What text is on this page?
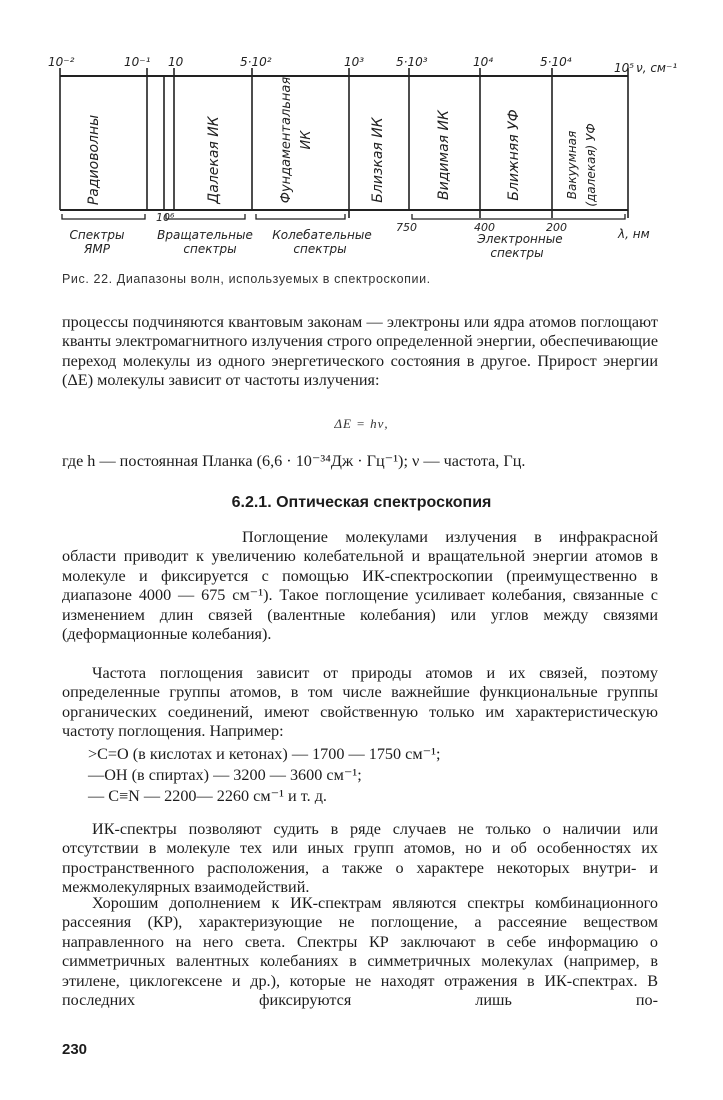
10⁻²	10⁻¹ 10	5·10²	10³	5·10³	10⁴	5·10⁴	10⁵ ν, см⁻¹
Радиоволны	Далекая ИК	Фундаментальная ИК	Близкая ИК	Видимая ИК	Ближняя УФ	Вакуумная (далекая) УФ
10⁶
750	400	200	λ, нм
Спектры
ЯМР
Вращательные
спектры
Колебательные
спектры
Электронные
спектры
Рис. 22. Диапазоны волн, используемых в спектроскопии.
процессы подчиняются квантовым законам — электроны или ядра атомов поглощают кванты электромагнитного излучения строго определенной энергии, обеспечивающие переход молекулы из одного энергетического состояния в другое. Прирост энергии (ΔE) молекулы зависит от частоты излучения:
ΔE = hν,
где h — постоянная Планка (6,6 · 10⁻³⁴Дж · Гц⁻¹); ν — частота, Гц.
6.2.1. Оптическая спектроскопия
Поглощение молекулами излучения в инфракрасной области приводит к увеличению колебательной и вращательной энергии атомов в молекуле и фиксируется с помощью ИК-спектроскопии (преимущественно в диапазоне 4000 — 675 см⁻¹). Такое поглощение усиливает колебания, связанные с изменением длин связей (валентные колебания) или углов между связями (деформационные колебания).
Частота поглощения зависит от природы атомов и их связей, поэтому определенные группы атомов, в том числе важнейшие функциональные группы органических соединений, имеют свойственную только им характеристическую частоту поглощения. Например:
>C=O (в кислотах и кетонах) — 1700 — 1750 см⁻¹;
—OH (в спиртах) — 3200 — 3600 см⁻¹;
— C≡N — 2200— 2260 см⁻¹ и т. д.
ИК-спектры позволяют судить в ряде случаев не только о наличии или отсутствии в молекуле тех или иных групп атомов, но и об особенностях их пространственного расположения, а также о характере некоторых внутри- и межмолекулярных взаимодействий.
Хорошим дополнением к ИК-спектрам являются спектры комбинационного рассеяния (КР), характеризующие не поглощение, а рассеяние веществом направленного на него света. Спектры КР заключают в себе информацию о симметричных валентных колебаниях в симметричных молекулах (например, в этилене, циклогексене и др.), которые не находят отражения в ИК-спектрах. В последних фиксируются лишь по-
230
